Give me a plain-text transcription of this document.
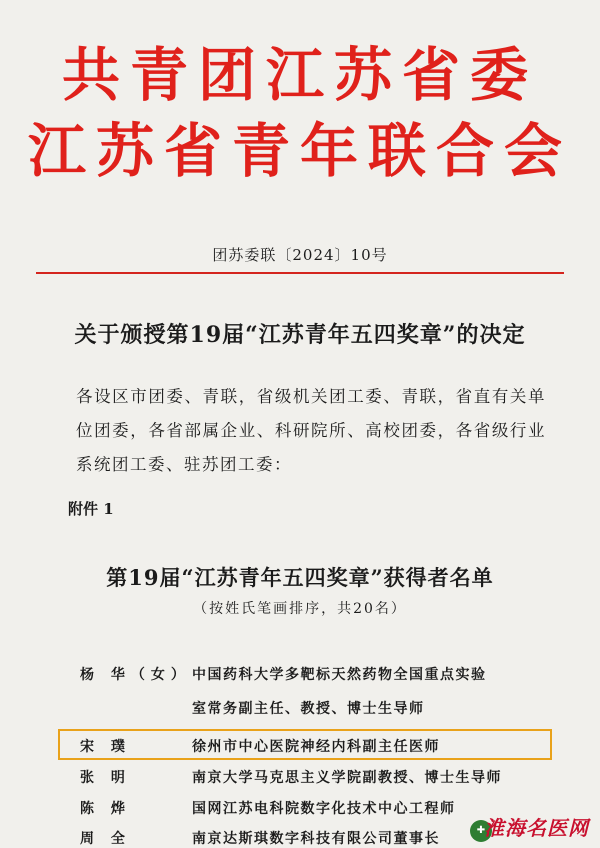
共青团江苏省委
江苏省青年联合会
团苏委联〔2024〕10号
关于颁授第19届“江苏青年五四奖章”的决定
各设区市团委、青联，省级机关团工委、青联，省直有关单位团委，各省部属企业、科研院所、高校团委，各省级行业系统团工委、驻苏团工委：
附件 1
第19届“江苏青年五四奖章”获得者名单
（按姓氏笔画排序，共20名）
杨 华（女） 中国药科大学多靶标天然药物全国重点实验
室常务副主任、教授、博士生导师
宋 璞	徐州市中心医院神经内科副主任医师
张 明	南京大学马克思主义学院副教授、博士生导师
陈 烨	国网江苏电科院数字化技术中心工程师
周 全	南京达斯琪数字科技有限公司董事长
✚
淮海名医网
